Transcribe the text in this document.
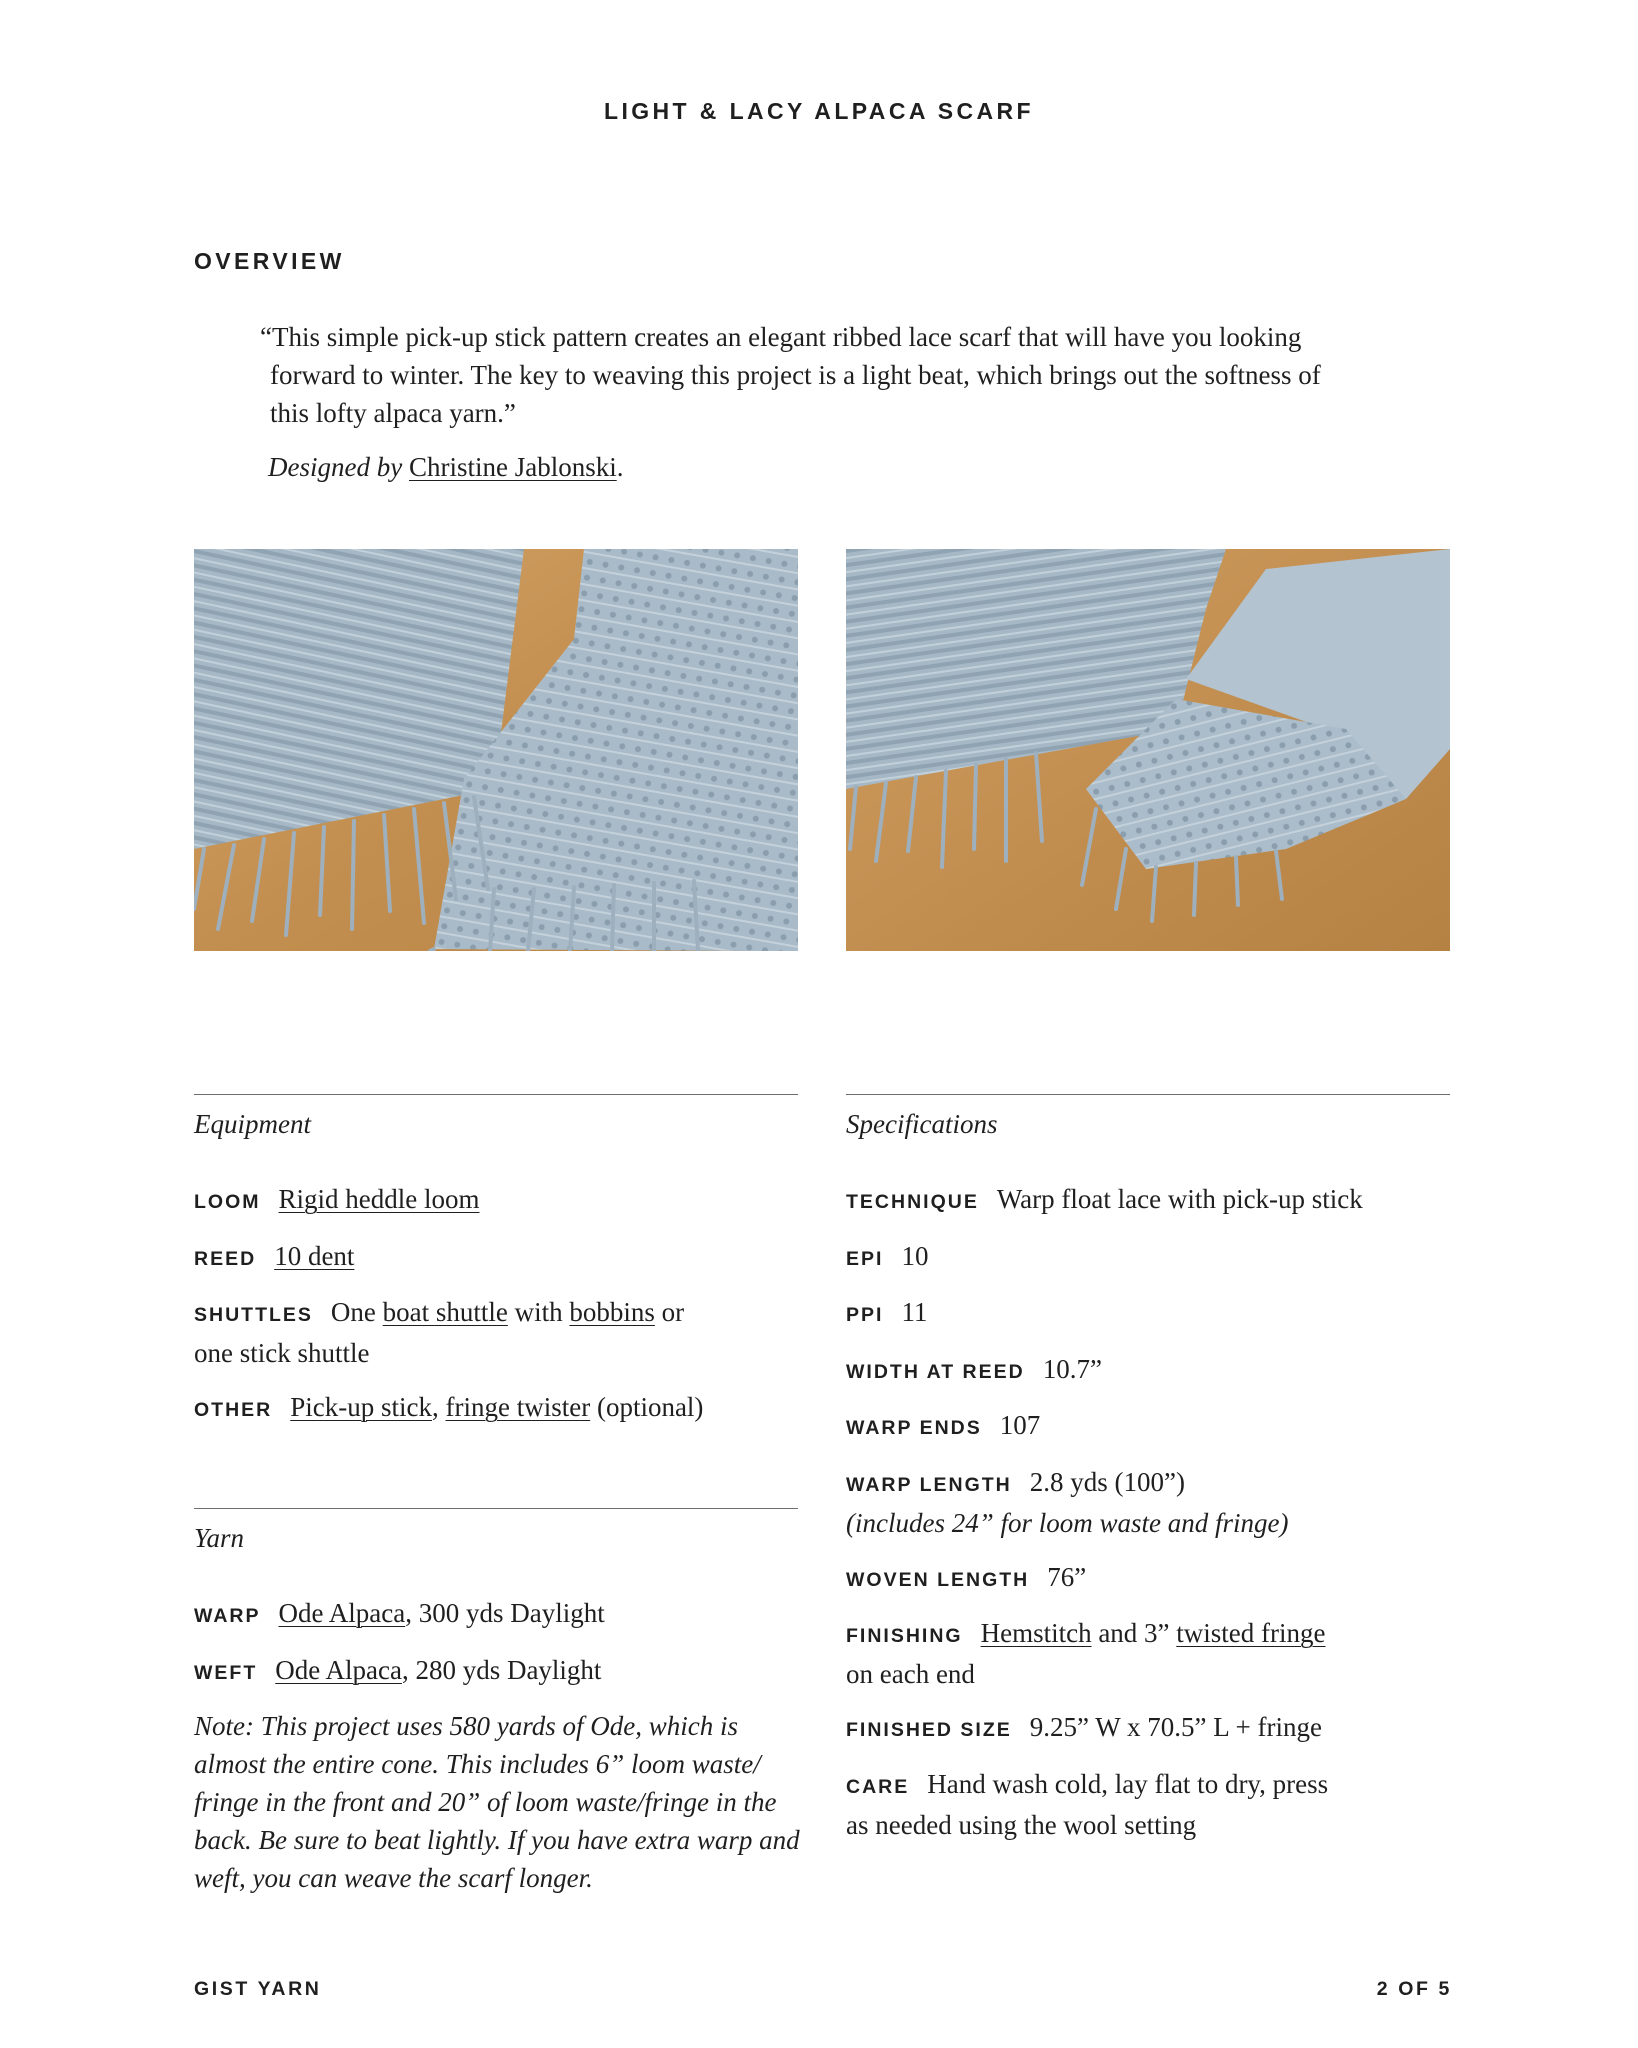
LIGHT & LACY ALPACA SCARF
OVERVIEW
“This simple pick-up stick pattern creates an elegant ribbed lace scarf that will have you looking
forward to winter. The key to weaving this project is a light beat, which brings out the softness of
this lofty alpaca yarn.”
Designed by Christine Jablonski.
Equipment
LOOM Rigid heddle loom
REED 10 dent
SHUTTLES One boat shuttle with bobbins or
one stick shuttle
OTHER Pick-up stick, fringe twister (optional)
Yarn
WARP Ode Alpaca, 300 yds Daylight
WEFT Ode Alpaca, 280 yds Daylight
Note: This project uses 580 yards of Ode, which is
almost the entire cone. This includes 6” loom waste/
fringe in the front and 20” of loom waste/fringe in the
back. Be sure to beat lightly. If you have extra warp and
weft, you can weave the scarf longer.
Specifications
TECHNIQUE Warp float lace with pick-up stick
EPI 10
PPI 11
WIDTH AT REED 10.7”
WARP ENDS 107
WARP LENGTH 2.8 yds (100”)
(includes 24” for loom waste and fringe)
WOVEN LENGTH 76”
FINISHING Hemstitch and 3” twisted fringe
on each end
FINISHED SIZE 9.25” W x 70.5” L + fringe
CARE Hand wash cold, lay flat to dry, press
as needed using the wool setting
GIST YARN	2 OF 5
